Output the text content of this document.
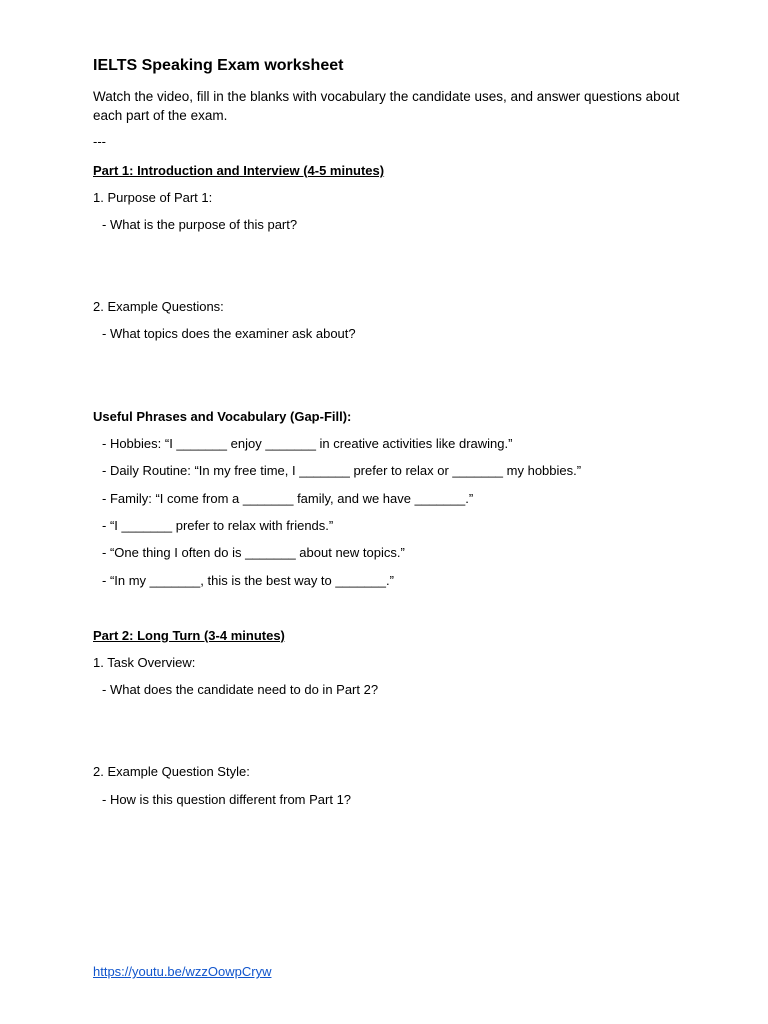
IELTS Speaking Exam worksheet

Watch the video, fill in the blanks with vocabulary the candidate uses, and answer questions about each part of the exam.

---

Part 1: Introduction and Interview (4-5 minutes)

1. Purpose of Part 1:

- What is the purpose of this part?

2. Example Questions:

- What topics does the examiner ask about?

Useful Phrases and Vocabulary (Gap-Fill):

- Hobbies: “I _______ enjoy _______ in creative activities like drawing.”

- Daily Routine: “In my free time, I _______ prefer to relax or _______ my hobbies.”

- Family: “I come from a _______ family, and we have _______.”

- “I _______ prefer to relax with friends.”

- “One thing I often do is _______ about new topics.”

- “In my _______, this is the best way to _______.”

Part 2: Long Turn (3-4 minutes)

1. Task Overview:

- What does the candidate need to do in Part 2?

2. Example Question Style:

- How is this question different from Part 1?

https://youtu.be/wzzOowpCryw
